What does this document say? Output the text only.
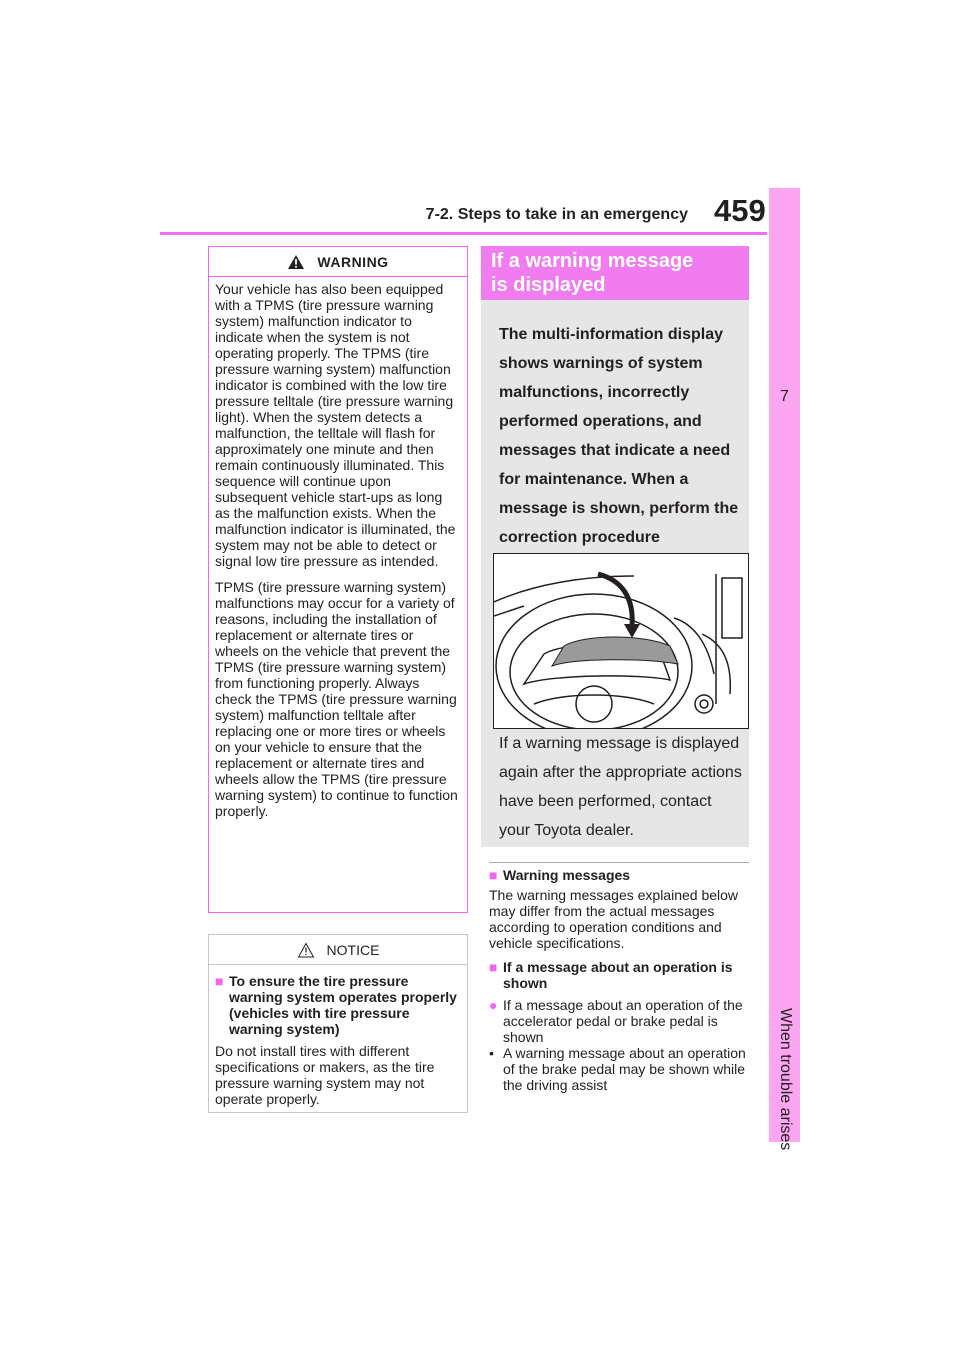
7-2. Steps to take in an emergency 459
7
When trouble arises
WARNING

Your vehicle has also been equipped with a TPMS (tire pressure warning system) malfunction indicator to indicate when the system is not operating properly. The TPMS (tire pressure warning system) malfunction indicator is combined with the low tire pressure telltale (tire pressure warning light). When the system detects a malfunction, the telltale will flash for approximately one minute and then remain continuously illuminated. This sequence will continue upon subsequent vehicle start-ups as long as the malfunction exists. When the malfunction indicator is illuminated, the system may not be able to detect or signal low tire pressure as intended.

TPMS (tire pressure warning system) malfunctions may occur for a variety of reasons, including the installation of replacement or alternate tires or wheels on the vehicle that prevent the TPMS (tire pressure warning system) from functioning properly. Always check the TPMS (tire pressure warning system) malfunction telltale after replacing one or more tires or wheels on your vehicle to ensure that the replacement or alternate tires and wheels allow the TPMS (tire pressure warning system) to continue to function properly.

NOTICE
■ To ensure the tire pressure warning system operates properly (vehicles with tire pressure warning system)

Do not install tires with different specifications or makers, as the tire pressure warning system may not operate properly.

If a warning message
is displayed
The multi-information display shows warnings of system malfunctions, incorrectly performed operations, and messages that indicate a need for maintenance. When a message is shown, perform the correction procedure
If a warning message is displayed again after the appropriate actions have been performed, contact your Toyota dealer.
■ Warning messages

The warning messages explained below may differ from the actual messages according to operation conditions and vehicle specifications.

■ If a message about an operation is shown
● If a message about an operation of the accelerator pedal or brake pedal is shown
• A warning message about an operation of the brake pedal may be shown while the driving assist
